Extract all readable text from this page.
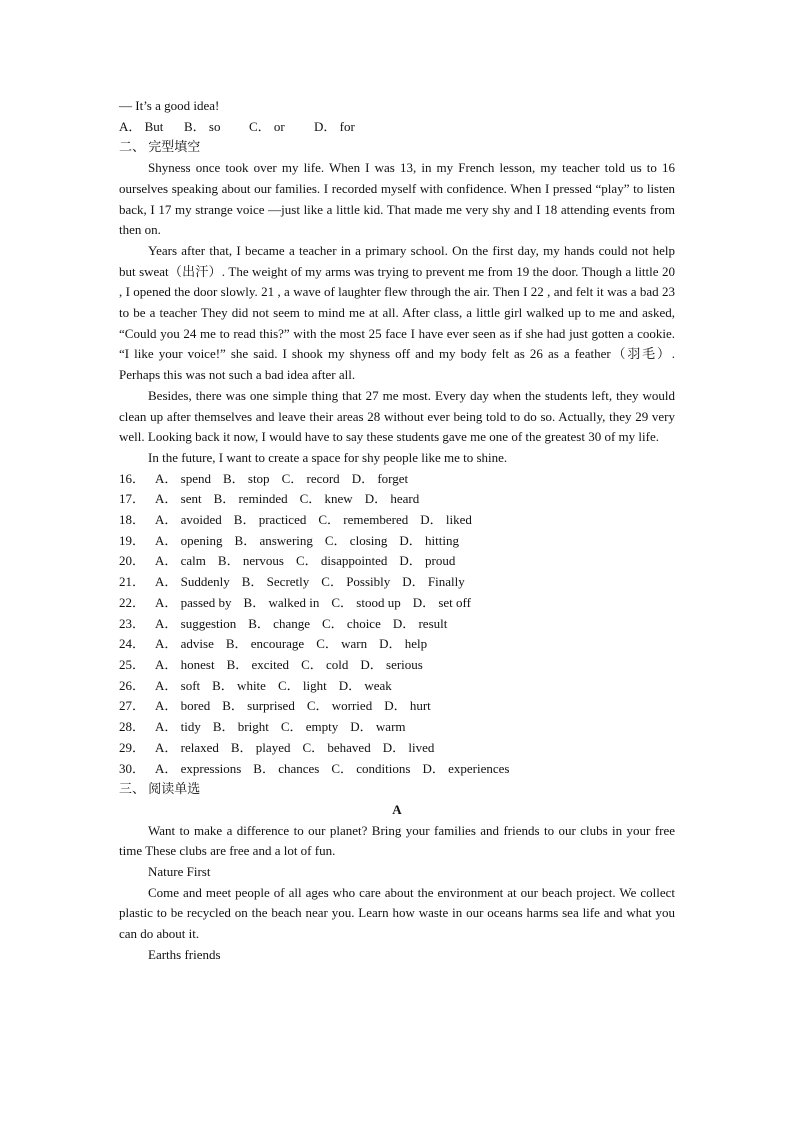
— It’s a good idea!
A． But B． so C． or D． for
二、 完型填空
Shyness once took over my life. When I was 13, in my French lesson, my teacher told us to 16 ourselves speaking about our families. I recorded myself with confidence. When I pressed “play” to listen back, I 17 my strange voice —just like a little kid. That made me very shy and I 18 attending events from then on.
Years after that, I became a teacher in a primary school. On the first day, my hands could not help but sweat（出汗）. The weight of my arms was trying to prevent me from 19 the door. Though a little 20 , I opened the door slowly. 21 , a wave of laughter flew through the air. Then I 22 , and felt it was a bad 23 to be a teacher They did not seem to mind me at all. After class, a little girl walked up to me and asked, “Could you 24 me to read this?” with the most 25 face I have ever seen as if she had just gotten a cookie. “I like your voice!” she said. I shook my shyness off and my body felt as 26 as a feather（羽毛）. Perhaps this was not such a bad idea after all.
Besides, there was one simple thing that 27 me most. Every day when the students left, they would clean up after themselves and leave their areas 28 without ever being told to do so. Actually, they 29 very well. Looking back it now, I would have to say these students gave me one of the greatest 30 of my life.
In the future, I want to create a space for shy people like me to shine.
16． A． spend B． stop C． record D． forget
17． A． sent B． reminded C． knew D． heard
18． A． avoided B． practiced C． remembered D． liked
19． A． opening B． answering C． closing D． hitting
20． A． calm B． nervous C． disappointed D． proud
21． A． Suddenly B． Secretly C． Possibly D． Finally
22． A． passed by B． walked in C． stood up D． set off
23． A． suggestion B． change C． choice D． result
24． A． advise B． encourage C． warn D． help
25． A． honest B． excited C． cold D． serious
26． A． soft B． white C． light D． weak
27． A． bored B． surprised C． worried D． hurt
28． A． tidy B． bright C． empty D． warm
29． A． relaxed B． played C． behaved D． lived
30． A． expressions B． chances C． conditions D． experiences
三、 阅读单选
A
Want to make a difference to our planet? Bring your families and friends to our clubs in your free time These clubs are free and a lot of fun.
Nature First
Come and meet people of all ages who care about the environment at our beach project. We collect plastic to be recycled on the beach near you. Learn how waste in our oceans harms sea life and what you can do about it.
Earths friends
